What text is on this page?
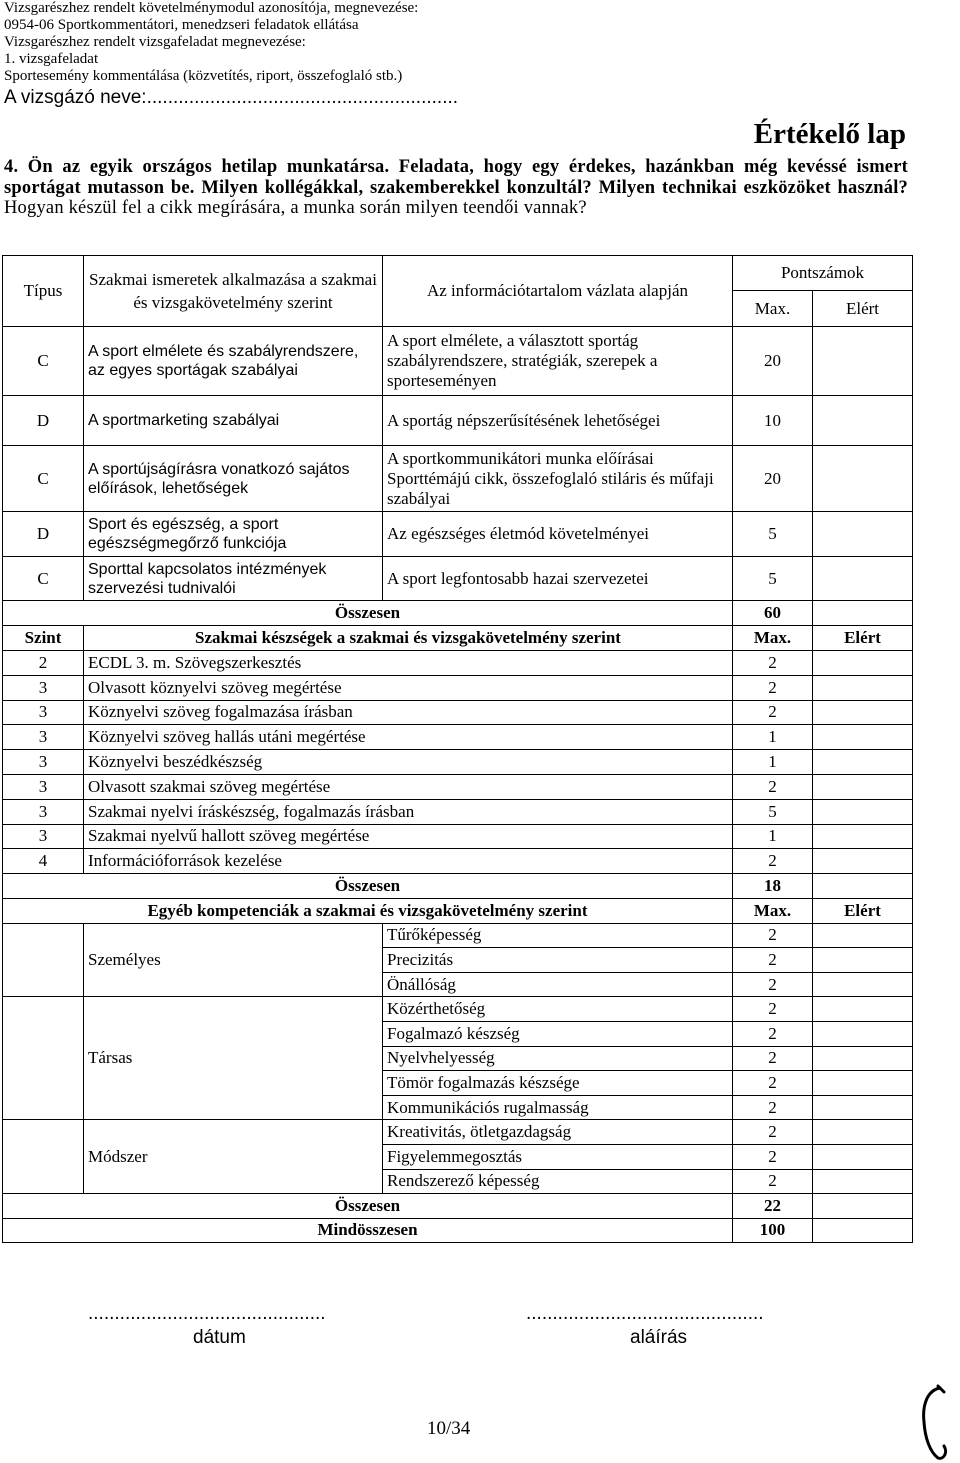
Vizsgarészhez rendelt követelménymodul azonosítója, megnevezése:
0954-06 Sportkommentátori, menedzseri feladatok ellátása
Vizsgarészhez rendelt vizsgafeladat megnevezése:
1. vizsgafeladat
Sportesemény kommentálása (közvetítés, riport, összefoglaló stb.)
A vizsgázó neve:...........................................................
Értékelő lap
4. Ön az egyik országos hetilap munkatársa. Feladata, hogy egy érdekes, hazánkban még kevéssé ismert sportágat mutasson be. Milyen kollégákkal, szakemberekkel konzultál? Milyen technikai eszközöket használ? Hogyan készül fel a cikk megírására, a munka során milyen teendői vannak?
Típus	Szakmai ismeretek alkalmazása a szakmai és vizsgakövetelmény szerint	Az információtartalom vázlata alapján	Pontszámok	
			Max.	Elért
C	A sport elmélete és szabályrendszere, az egyes sportágak szabályai	A sport elmélete, a választott sportág szabályrendszere, stratégiák, szerepek a sporteseményen	20	
D	A sportmarketing szabályai	A sportág népszerűsítésének lehetőségei	10	
C	A sportújságírásra vonatkozó sajátos előírások, lehetőségek	A sportkommunikátori munka előírásai Sporttémájú cikk, összefoglaló stiláris és műfaji szabályai	20	
D	Sport és egészség, a sport egészségmegőrző funkciója	Az egészséges életmód követelményei	5	
C	Sporttal kapcsolatos intézmények szervezési tudnivalói	A sport legfontosabb hazai szervezetei	5	
Összesen			60	
Szint	Szakmai készségek a szakmai és vizsgakövetelmény szerint		Max.	Elért
2	ECDL 3. m. Szövegszerkesztés		2	
3	Olvasott köznyelvi szöveg megértése		2	
3	Köznyelvi szöveg fogalmazása írásban		2	
3	Köznyelvi szöveg hallás utáni megértése		1	
3	Köznyelvi beszédkészség		1	
3	Olvasott szakmai szöveg megértése		2	
3	Szakmai nyelvi íráskészség, fogalmazás írásban		5	
3	Szakmai nyelvű hallott szöveg megértése		1	
4	Információforrások kezelése		2	
Összesen			18	
Egyéb kompetenciák a szakmai és vizsgakövetelmény szerint			Max.	Elért
	Személyes	Tűrőképesség	2	
		Precizitás	2	
		Önállóság	2	
	Társas	Közérthetőség	2	
		Fogalmazó készség	2	
		Nyelvhelyesség	2	
		Tömör fogalmazás készsége	2	
		Kommunikációs rugalmasság	2	
	Módszer	Kreativitás, ötletgazdagság	2	
		Figyelemmegosztás	2	
		Rendszerező képesség	2	
Összesen			22	
Mindösszesen			100	
.............................................
dátum
.............................................
aláírás
10/34
